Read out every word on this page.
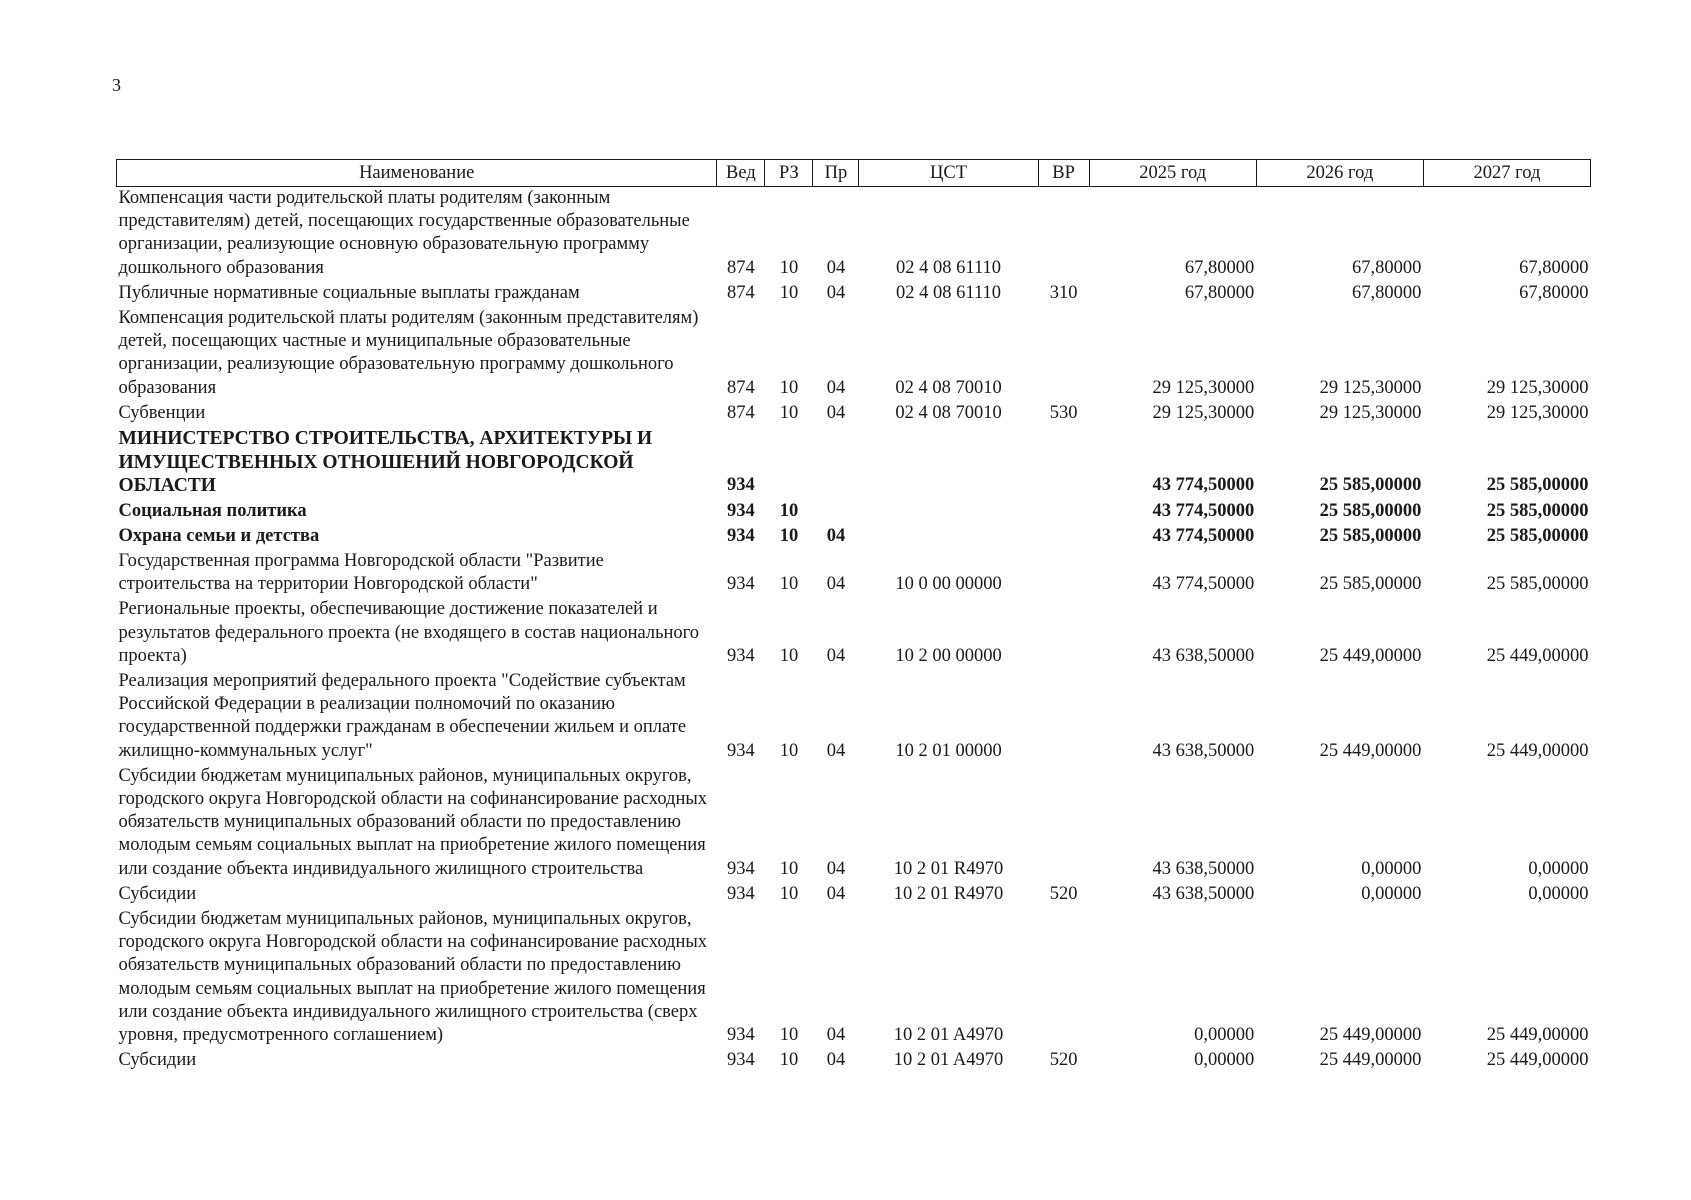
3
Наименование	Вед	РЗ	Пр	ЦСТ	ВР	2025 год	2026 год	2027 год
Компенсация части родительской платы родителям (законным представителям) детей, посещающих государственные образовательные организации, реализующие основную образовательную программу дошкольного образования	874	10	04	02 4 08 61110		67,80000	67,80000	67,80000
Публичные нормативные социальные выплаты гражданам	874	10	04	02 4 08 61110	310	67,80000	67,80000	67,80000
Компенсация родительской платы родителям (законным представителям) детей, посещающих частные и муниципальные образовательные организации, реализующие образовательную программу дошкольного образования	874	10	04	02 4 08 70010		29 125,30000	29 125,30000	29 125,30000
Субвенции	874	10	04	02 4 08 70010	530	29 125,30000	29 125,30000	29 125,30000
МИНИСТЕРСТВО СТРОИТЕЛЬСТВА, АРХИТЕКТУРЫ И ИМУЩЕСТВЕННЫХ ОТНОШЕНИЙ НОВГОРОДСКОЙ ОБЛАСТИ	934					43 774,50000	25 585,00000	25 585,00000
Социальная политика	934	10				43 774,50000	25 585,00000	25 585,00000
Охрана семьи и детства	934	10	04			43 774,50000	25 585,00000	25 585,00000
Государственная программа Новгородской области "Развитие строительства на территории Новгородской области"	934	10	04	10 0 00 00000		43 774,50000	25 585,00000	25 585,00000
Региональные проекты, обеспечивающие достижение показателей и результатов федерального проекта (не входящего в состав национального проекта)	934	10	04	10 2 00 00000		43 638,50000	25 449,00000	25 449,00000
Реализация мероприятий федерального проекта "Содействие субъектам Российской Федерации в реализации полномочий по оказанию государственной поддержки гражданам в обеспечении жильем и оплате жилищно-коммунальных услуг"	934	10	04	10 2 01 00000		43 638,50000	25 449,00000	25 449,00000
Субсидии бюджетам муниципальных районов, муниципальных округов, городского округа Новгородской области на софинансирование расходных обязательств муниципальных образований области по предоставлению молодым семьям социальных выплат на приобретение жилого помещения или создание объекта индивидуального жилищного строительства	934	10	04	10 2 01 R4970		43 638,50000	0,00000	0,00000
Субсидии	934	10	04	10 2 01 R4970	520	43 638,50000	0,00000	0,00000
Субсидии бюджетам муниципальных районов, муниципальных округов, городского округа Новгородской области на софинансирование расходных обязательств муниципальных образований области по предоставлению молодым семьям социальных выплат на приобретение жилого помещения или создание объекта индивидуального жилищного строительства (сверх уровня, предусмотренного соглашением)	934	10	04	10 2 01 A4970		0,00000	25 449,00000	25 449,00000
Субсидии	934	10	04	10 2 01 A4970	520	0,00000	25 449,00000	25 449,00000
